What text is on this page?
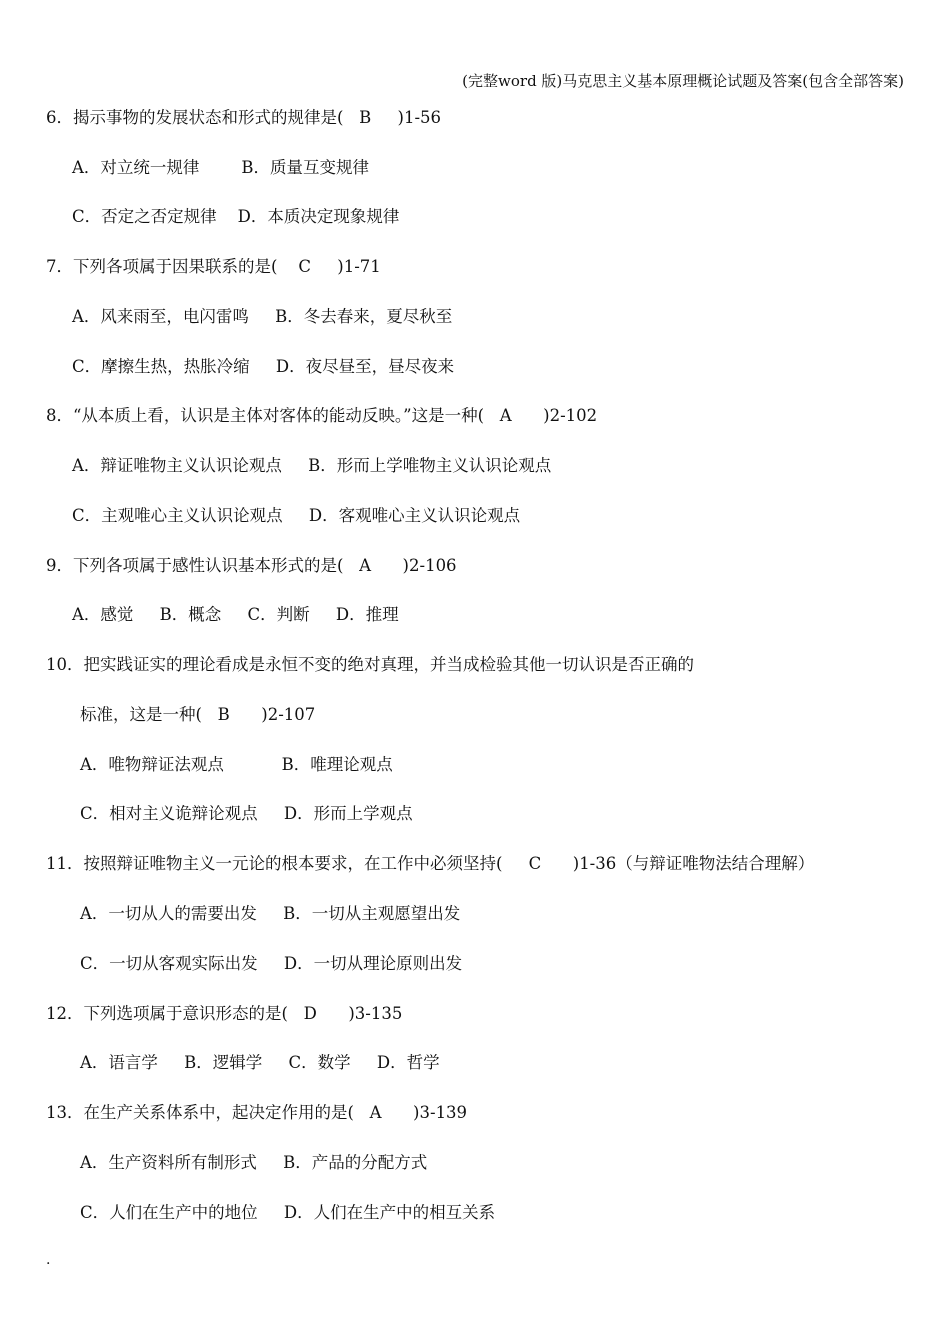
(完整word 版)马克思主义基本原理概论试题及答案(包含全部答案)
6．揭示事物的发展状态和形式的规律是(   B     )1-56
A．对立统一规律        B．质量互变规律
C．否定之否定规律    D．本质决定现象规律
7．下列各项属于因果联系的是(    C     )1-71
A．风来雨至，电闪雷鸣     B．冬去春来，夏尽秋至
C．摩擦生热，热胀冷缩     D．夜尽昼至，昼尽夜来
8．“从本质上看，认识是主体对客体的能动反映。”这是一种(   A      )2-102
A．辩证唯物主义认识论观点     B．形而上学唯物主义认识论观点
C．主观唯心主义认识论观点     D．客观唯心主义认识论观点
9．下列各项属于感性认识基本形式的是(   A      )2-106
A．感觉     B．概念     C．判断     D．推理
10．把实践证实的理论看成是永恒不变的绝对真理，并当成检验其他一切认识是否正确的
标准，这是一种(   B      )2-107
A．唯物辩证法观点           B．唯理论观点
C．相对主义诡辩论观点     D．形而上学观点
11．按照辩证唯物主义一元论的根本要求，在工作中必须坚持(     C      )1-36（与辩证唯物法结合理解）
A．一切从人的需要出发     B．一切从主观愿望出发
C．一切从客观实际出发     D．一切从理论原则出发
12．下列选项属于意识形态的是(   D      )3-135
A．语言学     B．逻辑学     C．数学     D．哲学
13．在生产关系体系中，起决定作用的是(   A      )3-139
A．生产资料所有制形式     B．产品的分配方式
C．人们在生产中的地位     D．人们在生产中的相互关系
.
